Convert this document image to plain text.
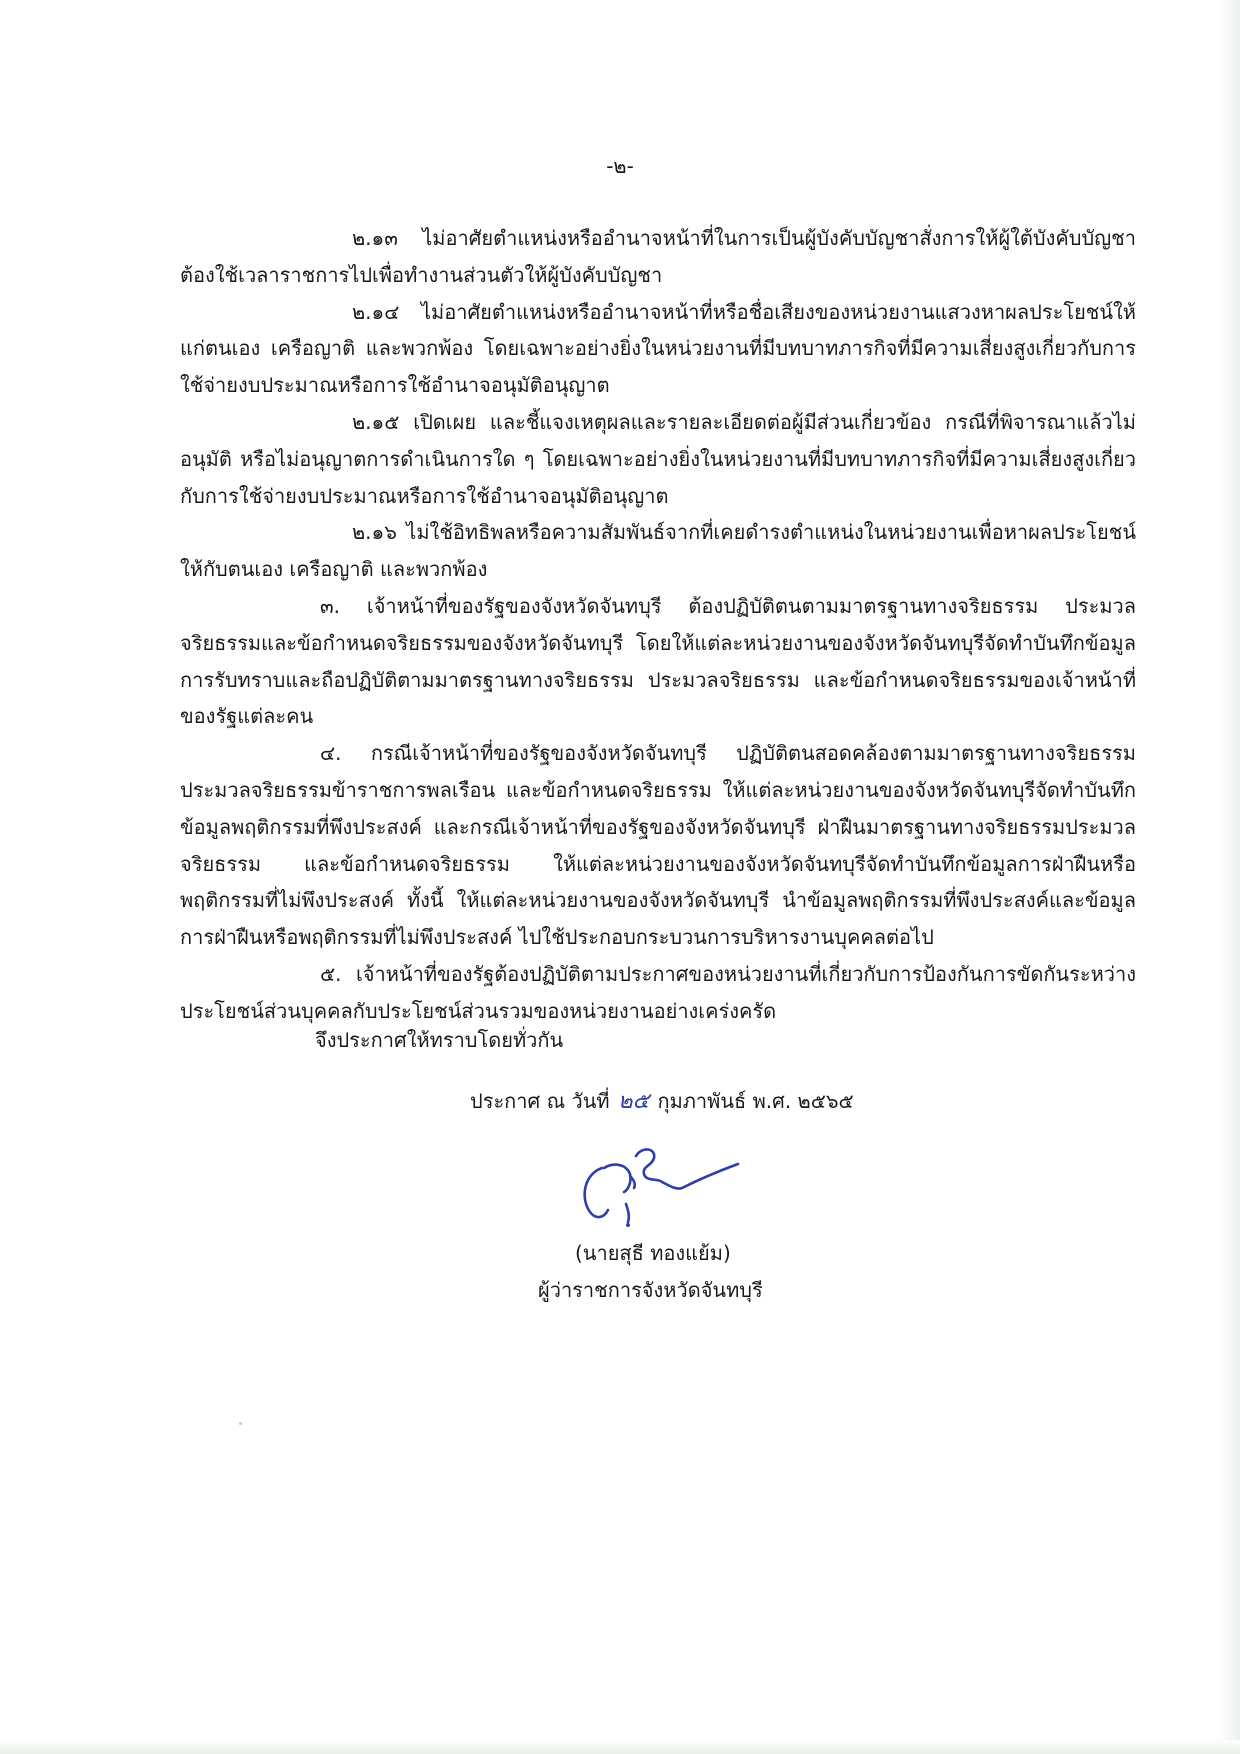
-๒-

๒.๑๓ ไม่อาศัยตำแหน่งหรืออำนาจหน้าที่ในการเป็นผู้บังคับบัญชาสั่งการให้ผู้ใต้บังคับบัญชาต้องใช้เวลาราชการไปเพื่อทำงานส่วนตัวให้ผู้บังคับบัญชา

๒.๑๔ ไม่อาศัยตำแหน่งหรืออำนาจหน้าที่หรือชื่อเสียงของหน่วยงานแสวงหาผลประโยชน์ให้แก่ตนเอง เครือญาติ และพวกพ้อง โดยเฉพาะอย่างยิ่งในหน่วยงานที่มีบทบาทภารกิจที่มีความเสี่ยงสูงเกี่ยวกับการใช้จ่ายงบประมาณหรือการใช้อำนาจอนุมัติอนุญาต

๒.๑๕ เปิดเผย และชี้แจงเหตุผลและรายละเอียดต่อผู้มีส่วนเกี่ยวข้อง กรณีที่พิจารณาแล้วไม่อนุมัติ หรือไม่อนุญาตการดำเนินการใด ๆ โดยเฉพาะอย่างยิ่งในหน่วยงานที่มีบทบาทภารกิจที่มีความเสี่ยงสูงเกี่ยวกับการใช้จ่ายงบประมาณหรือการใช้อำนาจอนุมัติอนุญาต

๒.๑๖ ไม่ใช้อิทธิพลหรือความสัมพันธ์จากที่เคยดำรงตำแหน่งในหน่วยงานเพื่อหาผลประโยชน์ให้กับตนเอง เครือญาติ และพวกพ้อง

๓. เจ้าหน้าที่ของรัฐของจังหวัดจันทบุรี ต้องปฏิบัติตนตามมาตรฐานทางจริยธรรม ประมวลจริยธรรมและข้อกำหนดจริยธรรมของจังหวัดจันทบุรี โดยให้แต่ละหน่วยงานของจังหวัดจันทบุรีจัดทำบันทึกข้อมูลการรับทราบและถือปฏิบัติตามมาตรฐานทางจริยธรรม ประมวลจริยธรรม และข้อกำหนดจริยธรรมของเจ้าหน้าที่ของรัฐแต่ละคน

๔. กรณีเจ้าหน้าที่ของรัฐของจังหวัดจันทบุรี ปฏิบัติตนสอดคล้องตามมาตรฐานทางจริยธรรมประมวลจริยธรรมข้าราชการพลเรือน และข้อกำหนดจริยธรรม ให้แต่ละหน่วยงานของจังหวัดจันทบุรีจัดทำบันทึกข้อมูลพฤติกรรมที่พึงประสงค์ และกรณีเจ้าหน้าที่ของรัฐของจังหวัดจันทบุรี ฝ่าฝืนมาตรฐานทางจริยธรรมประมวลจริยธรรม และข้อกำหนดจริยธรรม ให้แต่ละหน่วยงานของจังหวัดจันทบุรีจัดทำบันทึกข้อมูลการฝ่าฝืนหรือพฤติกรรมที่ไม่พึงประสงค์ ทั้งนี้ ให้แต่ละหน่วยงานของจังหวัดจันทบุรี นำข้อมูลพฤติกรรมที่พึงประสงค์และข้อมูลการฝ่าฝืนหรือพฤติกรรมที่ไม่พึงประสงค์ ไปใช้ประกอบกระบวนการบริหารงานบุคคลต่อไป

๕. เจ้าหน้าที่ของรัฐต้องปฏิบัติตามประกาศของหน่วยงานที่เกี่ยวกับการป้องกันการขัดกันระหว่างประโยชน์ส่วนบุคคลกับประโยชน์ส่วนรวมของหน่วยงานอย่างเคร่งครัด

จึงประกาศให้ทราบโดยทั่วกัน
ประกาศ ณ วันที่ ๒๕ กุมภาพันธ์ พ.ศ. ๒๕๖๕
(นายสุธี ทองแย้ม)
ผู้ว่าราชการจังหวัดจันทบุรี
